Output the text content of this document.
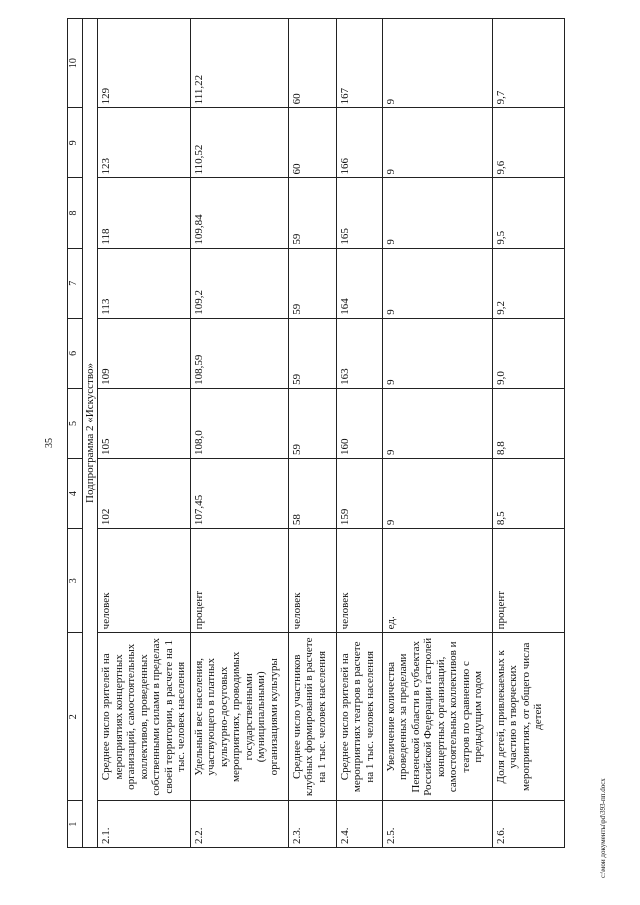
35
1	2	3	4	5	6	7	8	9	10
Подпрограмма 2 «Искусство»									
2.1.	Среднее число зрителей на мероприятиях концертных организаций, самостоятельных коллективов, проведенных собственными силами в пределах своей территории, в расчете на 1 тыс. человек населения	человек	102	105	109	113	118	123	129
2.2.	Удельный вес населения, участвующего в платных культурно-досуговых мероприятиях, проводимых государственными (муниципальными) организациями культуры	процент	107,45	108,0	108,59	109,2	109,84	110,52	111,22
2.3.	Среднее число участников клубных формирований в расчете на 1 тыс. человек населения	человек	58	59	59	59	59	60	60
2.4.	Среднее число зрителей на мероприятиях театров в расчете на 1 тыс. человек населения	человек	159	160	163	164	165	166	167
2.5.	Увеличение количества проведенных за пределами Пензенской области в субъектах Российской Федерации гастролей концертных организаций, самостоятельных коллективов и театров по сравнению с предыдущим годом	ед.	9	9	9	9	9	9	9
2.6.	Доля детей, привлекаемых к участию в творческих мероприятиях, от общего числа детей	процент	8,5	8,8	9,0	9,2	9,5	9,6	9,7
c:\мои документы\pd\393-пп.docx
